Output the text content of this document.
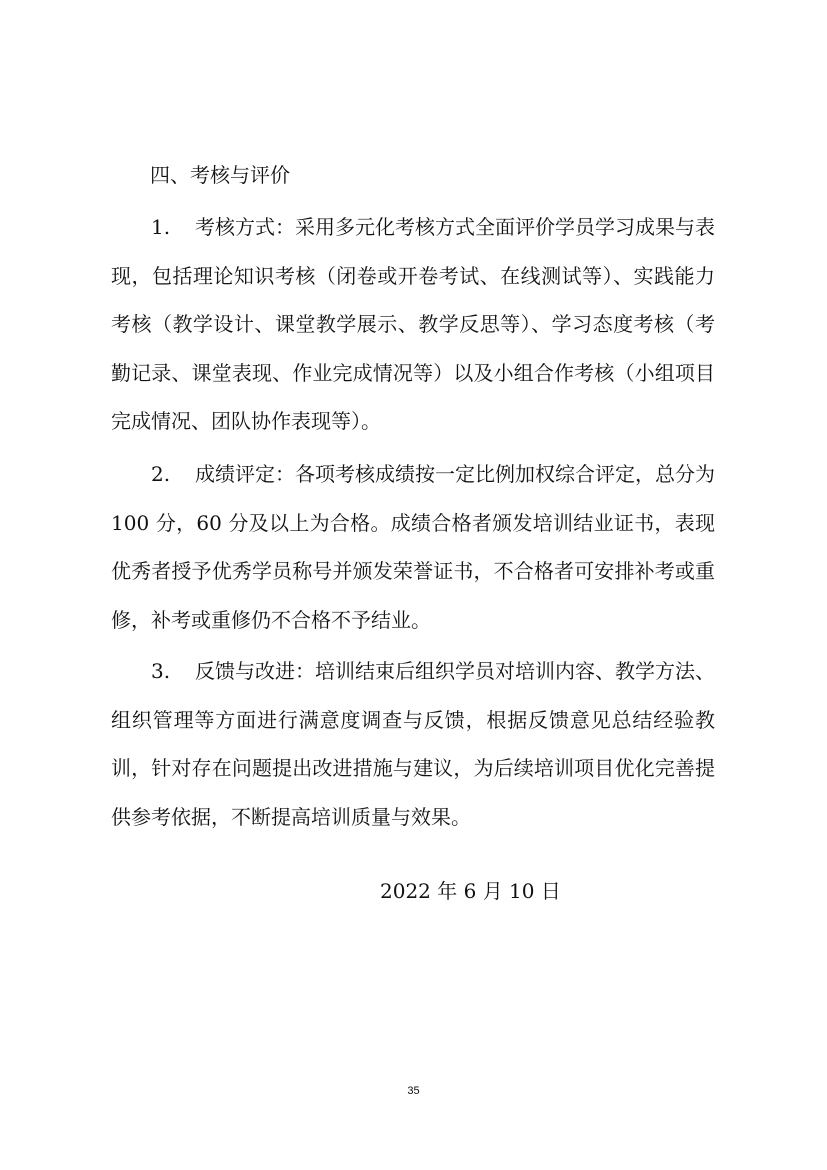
四、考核与评价

1. 考核方式：采用多元化考核方式全面评价学员学习成果与表现，包括理论知识考核（闭卷或开卷考试、在线测试等）、实践能力考核（教学设计、课堂教学展示、教学反思等）、学习态度考核（考勤记录、课堂表现、作业完成情况等）以及小组合作考核（小组项目完成情况、团队协作表现等）。

2. 成绩评定：各项考核成绩按一定比例加权综合评定，总分为 100 分，60 分及以上为合格。成绩合格者颁发培训结业证书，表现优秀者授予优秀学员称号并颁发荣誉证书，不合格者可安排补考或重修，补考或重修仍不合格不予结业。

3. 反馈与改进：培训结束后组织学员对培训内容、教学方法、组织管理等方面进行满意度调查与反馈，根据反馈意见总结经验教训，针对存在问题提出改进措施与建议，为后续培训项目优化完善提供参考依据，不断提高培训质量与效果。

2022 年 6 月 10 日
35
